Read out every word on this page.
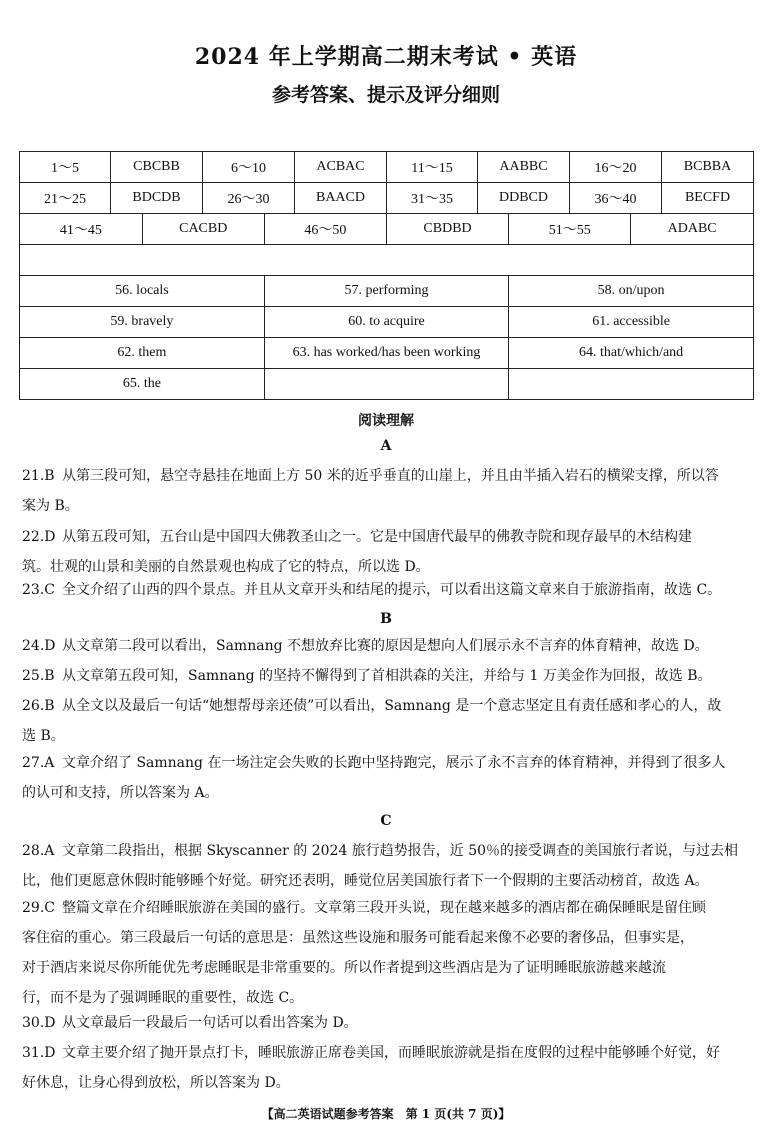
2024 年上学期高二期末考试 • 英语
参考答案、提示及评分细则
1～5	CBCBB	6～10	ACBAC	11～15	AABBC	16～20	BCBBA
21～25	BDCDB	26～30	BAACD	31～35	DDBCD	36～40	BECFD

41～45	CACBD	46～50	CBDBD	51～55	ADABC

56. locals	57. performing	58. on/upon

59. bravely	60. to acquire	61. accessible

62. them	63. has worked/has been working	64. that/which/and

65. the		
阅读理解
A

21.B 从第三段可知，悬空寺悬挂在地面上方 50 米的近乎垂直的山崖上，并且由半插入岩石的横梁支撑，所以答

案为 B。

22.D 从第五段可知，五台山是中国四大佛教圣山之一。它是中国唐代最早的佛教寺院和现存最早的木结构建

筑。壮观的山景和美丽的自然景观也构成了它的特点，所以选 D。

23.C 全文介绍了山西的四个景点。并且从文章开头和结尾的提示，可以看出这篇文章来自于旅游指南，故选 C。

B

24.D 从文章第二段可以看出，Samnang 不想放弃比赛的原因是想向人们展示永不言弃的体育精神，故选 D。

25.B 从文章第五段可知，Samnang 的坚持不懈得到了首相洪森的关注，并给与 1 万美金作为回报，故选 B。

26.B 从全文以及最后一句话“她想帮母亲还债”可以看出，Samnang 是一个意志坚定且有责任感和孝心的人，故

选 B。

27.A 文章介绍了 Samnang 在一场注定会失败的长跑中坚持跑完，展示了永不言弃的体育精神，并得到了很多人

的认可和支持，所以答案为 A。

C

28.A 文章第二段指出，根据 Skyscanner 的 2024 旅行趋势报告，近 50％的接受调查的美国旅行者说，与过去相

比，他们更愿意休假时能够睡个好觉。研究还表明，睡觉位居美国旅行者下一个假期的主要活动榜首，故选 A。

29.C 整篇文章在介绍睡眠旅游在美国的盛行。文章第三段开头说，现在越来越多的酒店都在确保睡眠是留住顾

客住宿的重心。第三段最后一句话的意思是：虽然这些设施和服务可能看起来像不必要的奢侈品，但事实是，

对于酒店来说尽你所能优先考虑睡眠是非常重要的。所以作者提到这些酒店是为了证明睡眠旅游越来越流

行，而不是为了强调睡眠的重要性，故选 C。

30.D 从文章最后一段最后一句话可以看出答案为 D。

31.D 文章主要介绍了抛开景点打卡，睡眠旅游正席卷美国，而睡眠旅游就是指在度假的过程中能够睡个好觉，好

好休息，让身心得到放松，所以答案为 D。

【高二英语试题参考答案　第 1 页(共 7 页)】
